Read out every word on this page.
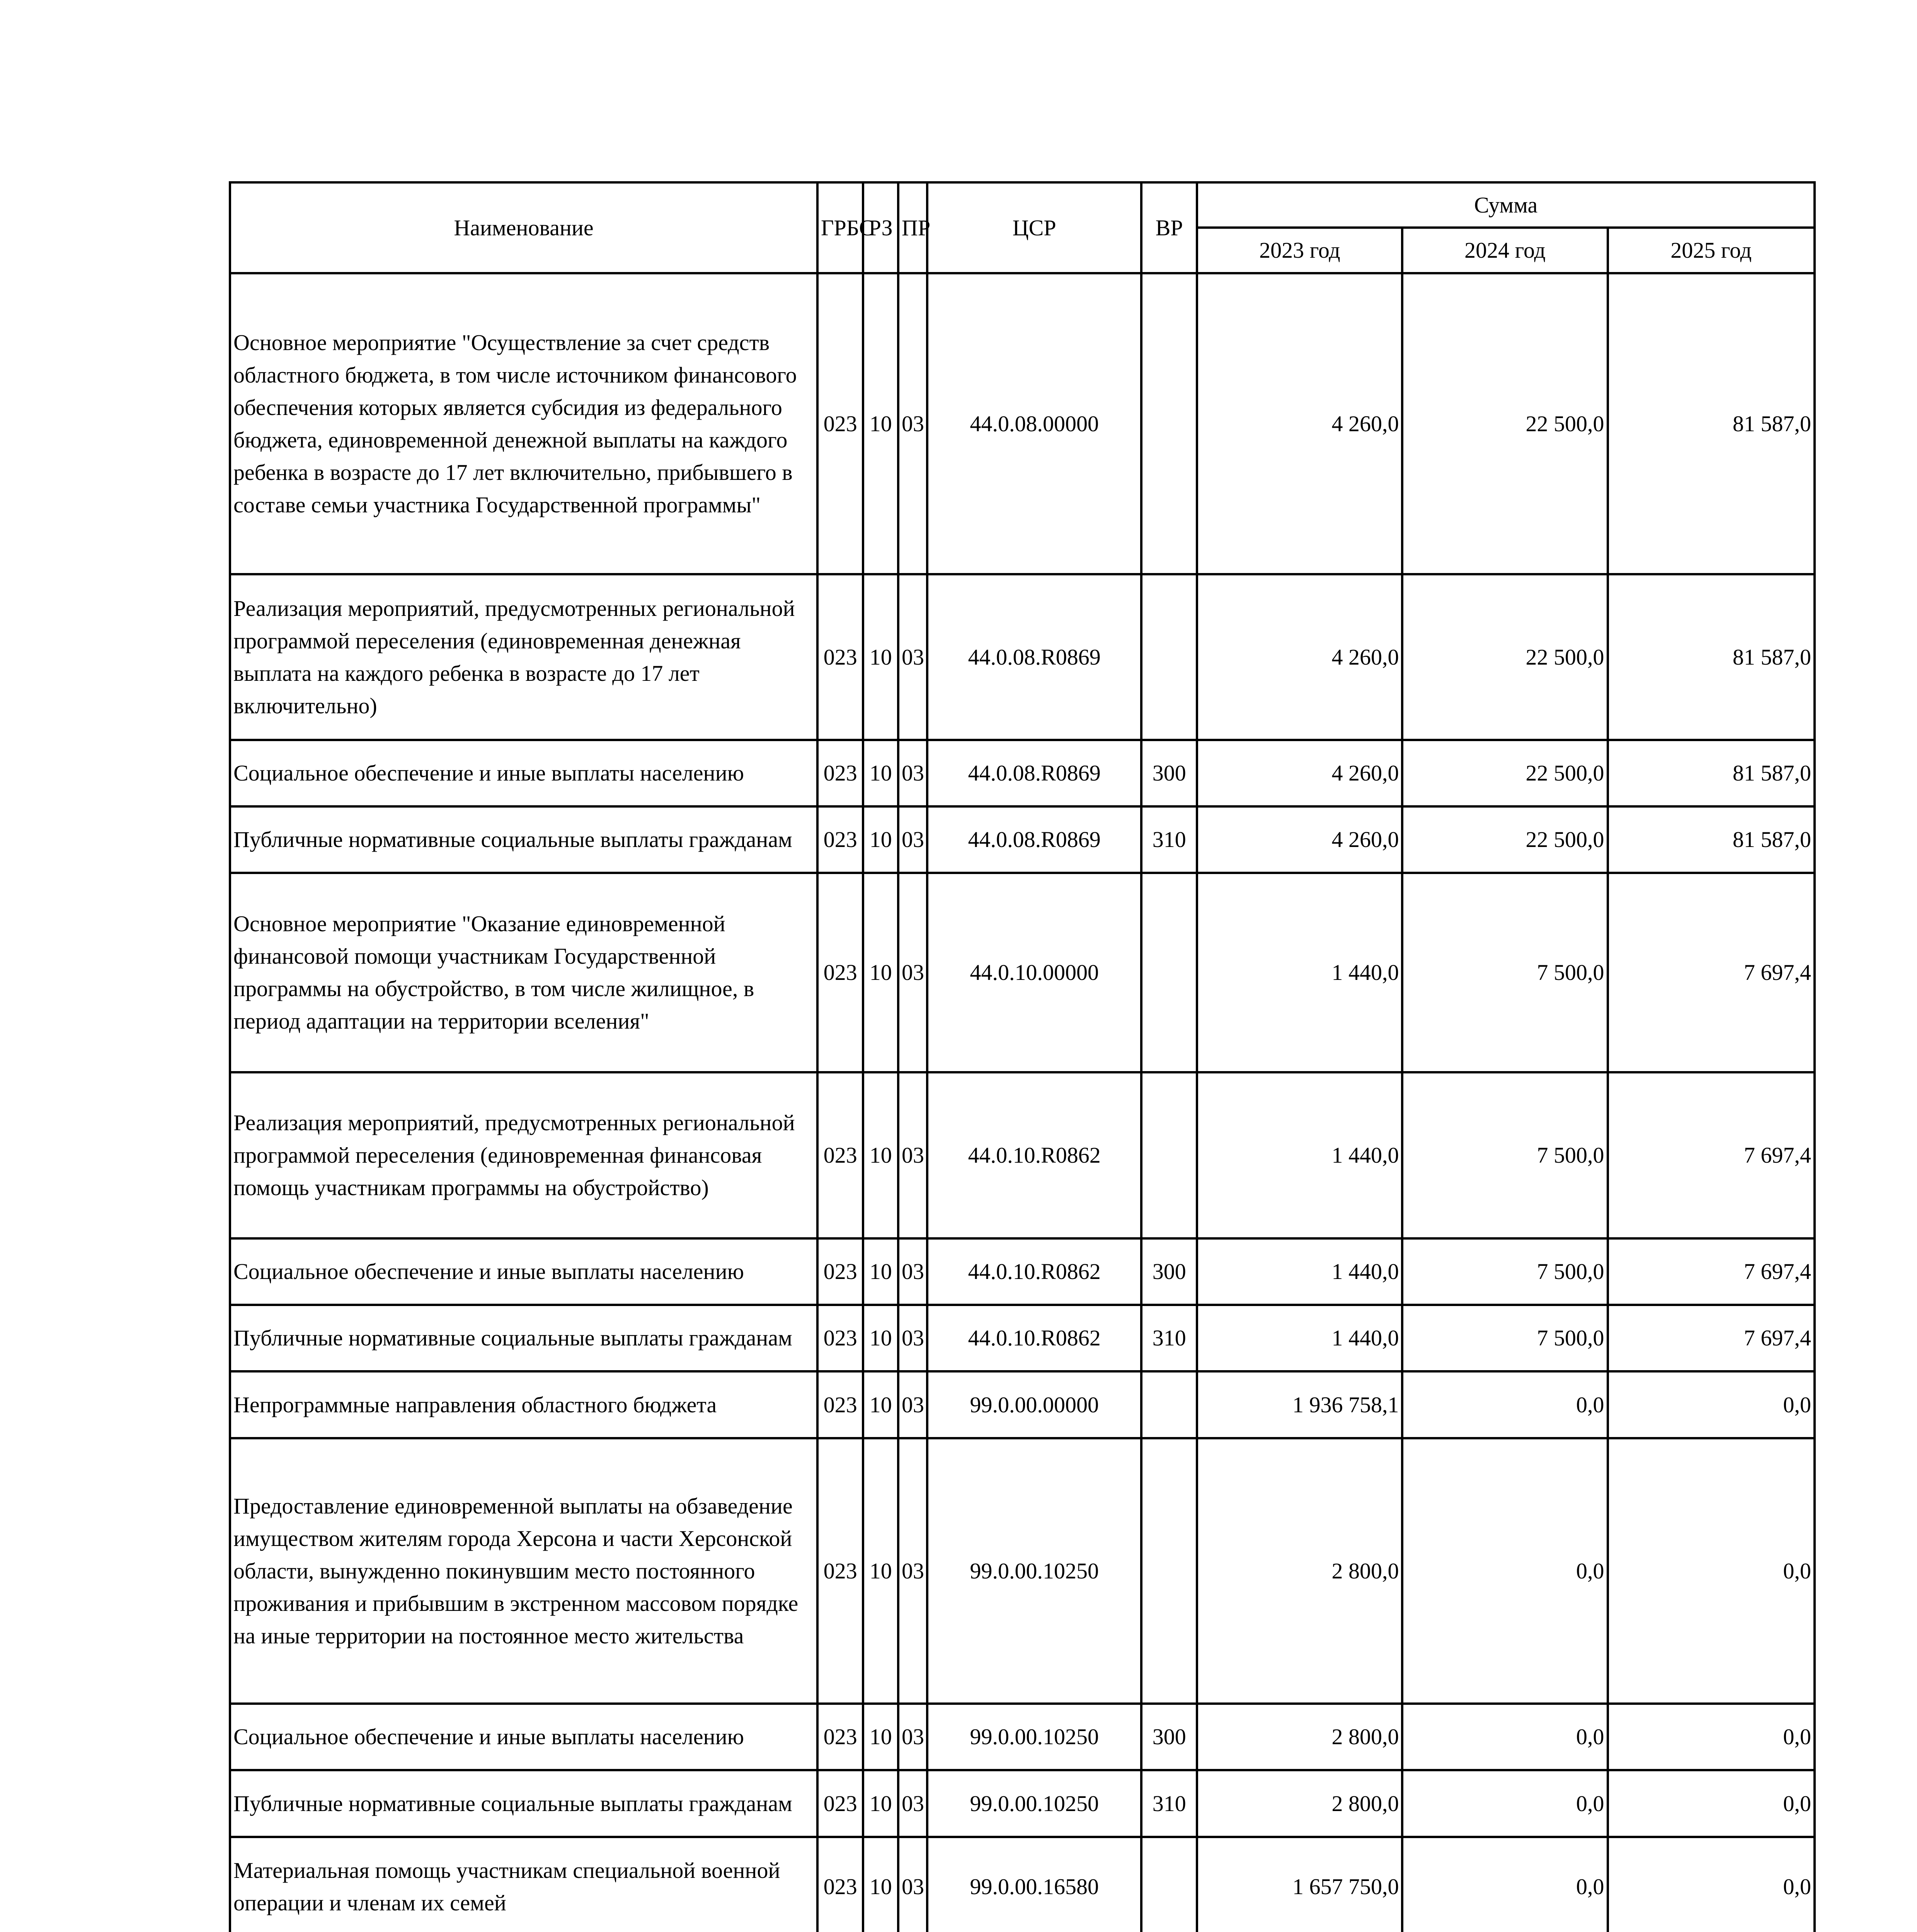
Наименование	ГРБС	РЗ	ПР	ЦСР	ВР	Сумма		
						2023 год	2024 год	2025 год
Основное мероприятие "Осуществление за счет средств областного бюджета, в том числе источником финансового обеспечения которых является субсидия из федерального бюджета, единовременной денежной выплаты на каждого ребенка в возрасте до 17 лет включительно, прибывшего в составе семьи участника Государственной программы"	023	10	03	44.0.08.00000		4 260,0	22 500,0	81 587,0
Реализация мероприятий, предусмотренных региональной программой переселения (единовременная денежная выплата на каждого ребенка в возрасте до 17 лет включительно)	023	10	03	44.0.08.R0869		4 260,0	22 500,0	81 587,0
Социальное обеспечение и иные выплаты населению	023	10	03	44.0.08.R0869	300	4 260,0	22 500,0	81 587,0
Публичные нормативные социальные выплаты гражданам	023	10	03	44.0.08.R0869	310	4 260,0	22 500,0	81 587,0
Основное мероприятие "Оказание единовременной финансовой помощи участникам Государственной программы на обустройство, в том числе жилищное, в период адаптации на территории вселения"	023	10	03	44.0.10.00000		1 440,0	7 500,0	7 697,4
Реализация мероприятий, предусмотренных региональной программой переселения (единовременная финансовая помощь участникам программы на обустройство)	023	10	03	44.0.10.R0862		1 440,0	7 500,0	7 697,4
Социальное обеспечение и иные выплаты населению	023	10	03	44.0.10.R0862	300	1 440,0	7 500,0	7 697,4
Публичные нормативные социальные выплаты гражданам	023	10	03	44.0.10.R0862	310	1 440,0	7 500,0	7 697,4
Непрограммные направления областного бюджета	023	10	03	99.0.00.00000		1 936 758,1	0,0	0,0
Предоставление единовременной выплаты на обзаведение имуществом жителям города Херсона и части Херсонской области, вынужденно покинувшим место постоянного проживания и прибывшим в экстренном массовом порядке на иные территории на постоянное место жительства	023	10	03	99.0.00.10250		2 800,0	0,0	0,0
Социальное обеспечение и иные выплаты населению	023	10	03	99.0.00.10250	300	2 800,0	0,0	0,0
Публичные нормативные социальные выплаты гражданам	023	10	03	99.0.00.10250	310	2 800,0	0,0	0,0
Материальная помощь участникам специальной военной операции и членам их семей	023	10	03	99.0.00.16580		1 657 750,0	0,0	0,0
